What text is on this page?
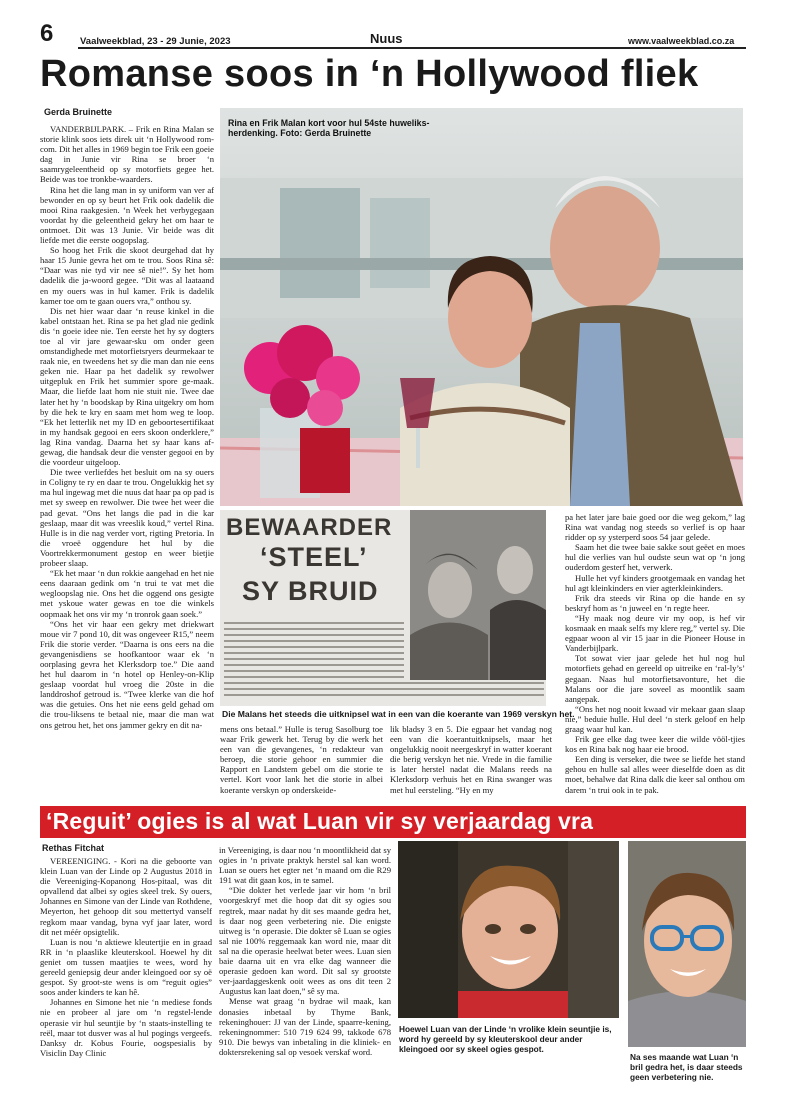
6	Vaalweekblad, 23 - 29 Junie, 2023	Nuus	www.vaalweekblad.co.za
Romanse soos in ‘n Hollywood fliek
Gerda Bruinette

VANDERBIJLPARK. – Frik en Rina Malan se storie klink soos iets direk uit ‘n Hollywood rom-com. Dit het alles in 1969 begin toe Frik een goeie dag in Junie vir Rina se broer ‘n saamrygeleentheid op sy motorfiets gegee het. Beide was toe tronkbe-waarders.

Rina het die lang man in sy uniform van ver af bewonder en op sy beurt het Frik ook dadelik die mooi Rina raakgesien. ‘n Week het verbygegaan voordat hy die geleentheid gekry het om haar te ontmoet. Dit was 13 Junie. Vir beide was dit liefde met die eerste oogopslag.

So hoog het Frik die skoot deurgehad dat hy haar 15 Junie gevra het om te trou. Soos Rina sê: “Daar was nie tyd vir nee sê nie!”. Sy het hom dadelik die ja-woord gegee. “Dit was al laataand en my ouers was in hul kamer. Frik is dadelik kamer toe om te gaan ouers vra,” onthou sy.

Dis net hier waar daar ‘n reuse kinkel in die kabel ontstaan het. Rina se pa het glad nie gedink dis ‘n goeie idee nie. Ten eerste het hy sy dogters toe al vir jare gewaar-sku om onder geen omstandighede met motorfietsryers deurmekaar te raak nie, en tweedens het sy die man dan nie eens geken nie. Haar pa het dadelik sy rewolwer uitgepluk en Frik het summier spore ge-maak. Maar, die liefde laat hom nie stuit nie. Twee dae later het hy ‘n boodskap by Rina uitgekry om hom by die hek te kry en saam met hom weg te loop. “Ek het letterlik net my ID en geboortesertifikaat in my handsak gegooi en eers skoon onderklere,” lag Rina vandag. Daarna het sy haar kans af-gewag, die handsak deur die venster gegooi en by die voordeur uitgeloop.

Die twee verliefdes het besluit om na sy ouers in Coligny te ry en daar te trou. Ongelukkig het sy ma hul ingewag met die nuus dat haar pa op pad is met sy sweep en rewolwer. Die twee het weer die pad gevat. “Ons het langs die pad in die kar geslaap, maar dit was vreeslik koud,” vertel Rina. Hulle is in die nag verder vort, rigting Pretoria. In die vroeë oggendure het hul by die Voortrekkermonument gestop en weer bietjie probeer slaap.

“Ek het maar ‘n dun rokkie aangehad en het nie eens daaraan gedink om ‘n trui te vat met die wegloopslag nie. Ons het die oggend ons gesigte met yskoue water gewas en toe die winkels oopmaak het ons vir my ‘n tronrok gaan soek.”

“Ons het vir haar een gekry met driekwart moue vir 7 pond 10, dit was ongeveer R15,” neem Frik die storie verder. “Daarna is ons eers na die gevangenisdiens se hoofkantoor waar ek ‘n oorplasing gevra het Klerksdorp toe.” Die aand het hul daarom in ‘n hotel op Henley-on-Klip geslaap voordat hul vroeg die 20ste in die landdroshof getroud is. “Twee klerke van die hof was die getuies. Ons het nie eens geld gehad om die trou-liksens te betaal nie, maar die man wat ons getrou het, het ons jammer gekry en dit na-

Rina en Frik Malan kort voor hul 54ste huweliks-herdenking. Foto: Gerda Bruinette
BEWAARDER
‘STEEL’
SY BRUID
Die Malans het steeds die uitknipsel wat in een van die koerante van 1969 verskyn het.

mens ons betaal.” Hulle is terug Sasolburg toe waar Frik gewerk het. Terug by die werk het een van die gevangenes, ‘n redakteur van beroep, die storie gehoor en summier die Rapport en Landstem gebel om die storie te vertel. Kort voor lank het die storie in albei koerante verskyn op onderskeide-

lik bladsy 3 en 5. Die egpaar het vandag nog een van die koerantuitknipsels, maar het ongelukkig nooit neergeskryf in watter koerant die berig verskyn het nie. Vrede in die familie is later herstel nadat die Malans reeds na Klerksdorp verhuis het en Rina swanger was met hul eersteling. “Hy en my

pa het later jare baie goed oor die weg gekom,” lag Rina wat vandag nog steeds so verlief is op haar ridder op sy ysterperd soos 54 jaar gelede.

Saam het die twee baie sakke sout geëet en moes hul die verlies van hul oudste seun wat op ‘n jong ouderdom gesterf het, verwerk.

Hulle het vyf kinders grootgemaak en vandag het hul agt kleinkinders en vier agterkleinkinders.

Frik dra steeds vir Rina op die hande en sy beskryf hom as ‘n juweel en ‘n regte heer.

“Hy maak nog deure vir my oop, is hef vir kosmaak en maak selfs my klere reg,” vertel sy. Die egpaar woon al vir 15 jaar in die Pioneer House in Vanderbijlpark.

Tot sowat vier jaar gelede het hul nog hul motorfiets gehad en gereeld op uitreike en ‘ral-ly’s’ gegaan. Naas hul motorfietsavonture, het die Malans oor die jare soveel as moontlik saam aangepak.

“Ons het nog nooit kwaad vir mekaar gaan slaap nie,” beduie hulle. Hul deel ‘n sterk geloof en help graag waar hul kan.

Frik gee elke dag twee keer die wilde vööl-tjies kos en Rina bak nog haar eie brood.

Een ding is verseker, die twee se liefde het stand gehou en hulle sal alles weer dieselfde doen as dit moet, behalwe dat Rina dalk die keer sal onthou om darem ‘n trui ook in te pak.

‘Reguit’ ogies is al wat Luan vir sy verjaardag vra
Rethas Fitchat

VEREENIGING. - Kori na die geboorte van klein Luan van der Linde op 2 Augustus 2018 in die Vereeniging-Kopanong Hos-pitaal, was dit opvallend dat albei sy ogies skeel trek. Sy ouers, Johannes en Simone van der Linde van Rothdene, Meyerton, het gehoop dit sou mettertyd vanself regkom maar vandag, byna vyf jaar later, word dit net méér opsigtelik.

Luan is nou ‘n aktiewe kleutertjie en in graad RR in ‘n plaaslike kleuterskool. Hoewel hy dit geniet om tussen maatjies te wees, word hy gereeld geniepsig deur ander kleingoed oor sy oë gespot. Sy groot-ste wens is om “reguit ogies” soos ander kinders te kan hê.

Johannes en Simone het nie ‘n mediese fonds nie en probeer al jare om ‘n regstel-lende operasie vir hul seuntjie by ‘n staats-instelling te reël, maar tot dusver was al hul pogings vergeefs. Danksy dr. Kobus Fourie, oogspesialis by Visiclin Day Clinic

in Vereeniging, is daar nou ‘n moontlikheid dat sy ogies in ‘n private praktyk herstel sal kan word. Luan se ouers het egter net ‘n maand om die R29 191 wat dit gaan kos, in te samel.

“Die dokter het verlede jaar vir hom ‘n bril voorgeskryf met die hoop dat dit sy ogies sou regtrek, maar nadat hy dit ses maande gedra het, is daar nog geen verbetering nie. Die enigste uitweg is ‘n operasie. Die dokter sê Luan se ogies sal nie 100% reggemaak kan word nie, maar dit sal na die operasie heelwat beter wees. Luan sien baie daarna uit en vra elke dag wanneer die operasie gedoen kan word. Dit sal sy grootste ver-jaardaggeskenk ooit wees as ons dit teen 2 Augustus kan laat doen,” sê sy ma.

Mense wat graag ‘n bydrae wil maak, kan donasies inbetaal by Thyme Bank, rekeninghouer: JJ van der Linde, spaarre-kening, rekeningnommer: 510 719 624 99, takkode 678 910. Die bewys van inbetaling in die kliniek- en doktersrekening sal op vesoek verskaf word.

Hoewel Luan van der Linde ‘n vrolike klein seuntjie is, word hy gereeld by sy kleuterskool deur ander kleingoed oor sy skeel ogies gespot.
Na ses maande wat Luan ‘n bril gedra het, is daar steeds geen verbetering nie.
